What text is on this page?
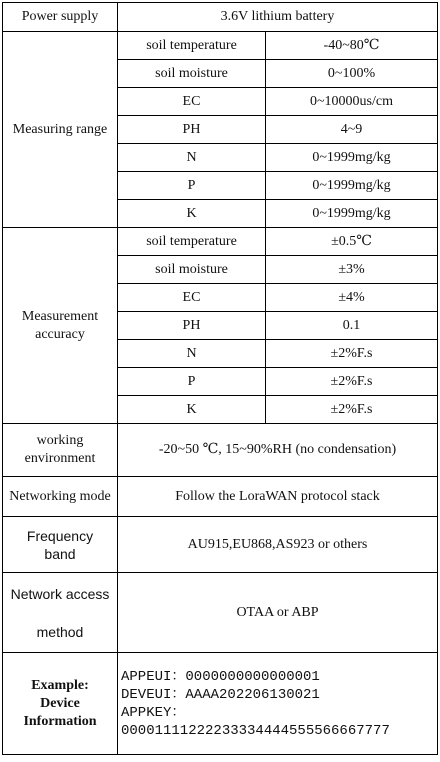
Power supply	3.6V lithium battery	
Measuring range	soil temperature	-40~80℃
	soil moisture	0~100%
	EC	0~10000us/cm
	PH	4~9
	N	0~1999mg/kg
	P	0~1999mg/kg
	K	0~1999mg/kg
Measurement
accuracy	soil temperature	±0.5℃
	soil moisture	±3%
	EC	±4%
	PH	0.1
	N	±2%F.s
	P	±2%F.s
	K	±2%F.s
working
environment	-20~50 ℃, 15~90%RH (no condensation)	
Networking mode	Follow the LoraWAN protocol stack	
Frequency
band	AU915,EU868,AS923 or others	
Network access
method	OTAA or ABP	
Example:
Device
Information	APPEUI：0000000000000001
DEVEUI：AAAA202206130021
APPKEY：
00001111222233334444555566667777	
